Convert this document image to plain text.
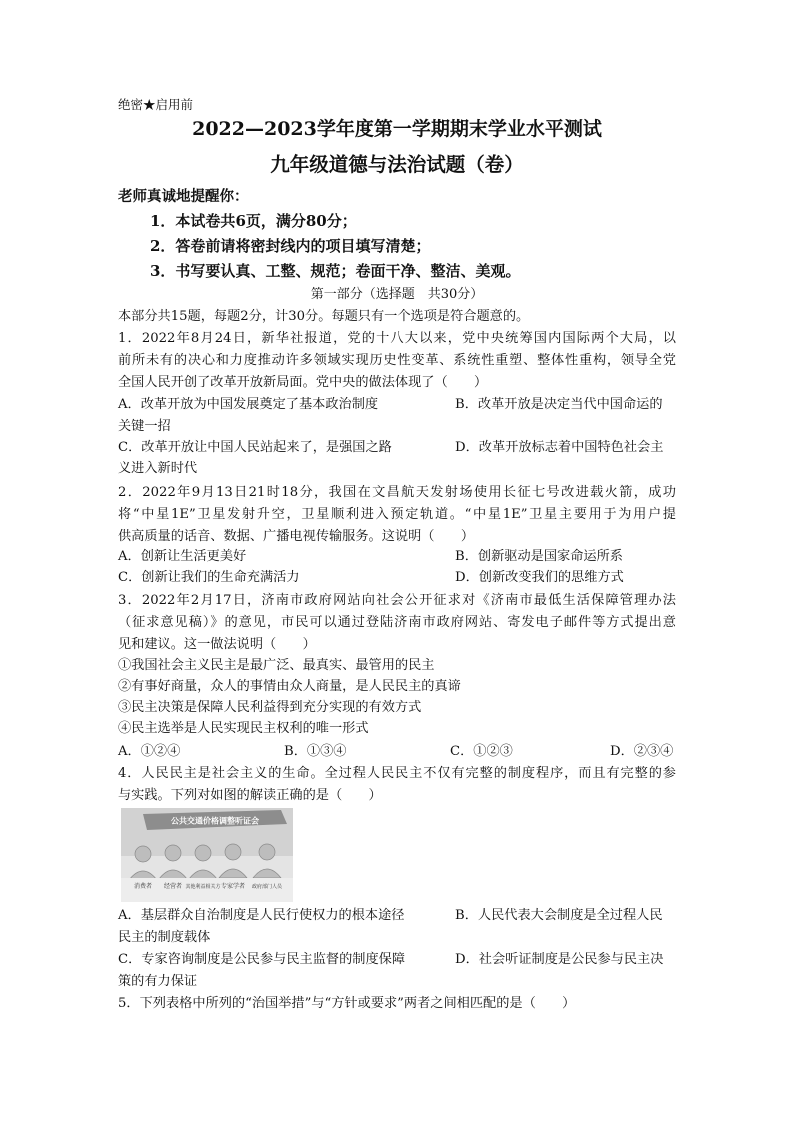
绝密★启用前
2022—2023学年度第一学期期末学业水平测试
九年级道德与法治试题（卷）
老师真诚地提醒你：
1．本试卷共6页，满分80分；
2．答卷前请将密封线内的项目填写清楚；
3．书写要认真、工整、规范；卷面干净、整洁、美观。
第一部分（选择题　共30分）
本部分共15题，每题2分，计30分。每题只有一个选项是符合题意的。
1．2022年8月24日，新华社报道，党的十八大以来，党中央统筹国内国际两个大局，以
前所未有的决心和力度推动许多领域实现历史性变革、系统性重塑、整体性重构，领导全党
全国人民开创了改革开放新局面。党中央的做法体现了（　　）
A．改革开放为中国发展奠定了基本政治制度	B．改革开放是决定当代中国命运的
关键一招
C．改革开放让中国人民站起来了，是强国之路	D．改革开放标志着中国特色社会主
义进入新时代
2．2022年9月13日21时18分，我国在文昌航天发射场使用长征七号改进载火箭，成功
将“中星1E”卫星发射升空，卫星顺利进入预定轨道。“中星1E”卫星主要用于为用户提
供高质量的话音、数据、广播电视传输服务。这说明（　　）
A．创新让生活更美好	B．创新驱动是国家命运所系
C．创新让我们的生命充满活力	D．创新改变我们的思维方式
3．2022年2月17日，济南市政府网站向社会公开征求对《济南市最低生活保障管理办法
（征求意见稿）》的意见，市民可以通过登陆济南市政府网站、寄发电子邮件等方式提出意
见和建议。这一做法说明（　　）
①我国社会主义民主是最广泛、最真实、最管用的民主
②有事好商量，众人的事情由众人商量，是人民民主的真谛
③民主决策是保障人民利益得到充分实现的有效方式
④民主选举是人民实现民主权利的唯一形式
A．①②④	B．①③④	C．①②③	D．②③④
4．人民民主是社会主义的生命。全过程人民民主不仅有完整的制度程序，而且有完整的参
与实践。下列对如图的解读正确的是（　　）
公共交通价格调整听证会
消费者 经营者 其他利益相关方 专家学者 政府部门人员
A．基层群众自治制度是人民行使权力的根本途径	B．人民代表大会制度是全过程人民
民主的制度载体
C．专家咨询制度是公民参与民主监督的制度保障	D．社会听证制度是公民参与民主决
策的有力保证
5．下列表格中所列的“治国举措”与“方针或要求”两者之间相匹配的是（　　）
